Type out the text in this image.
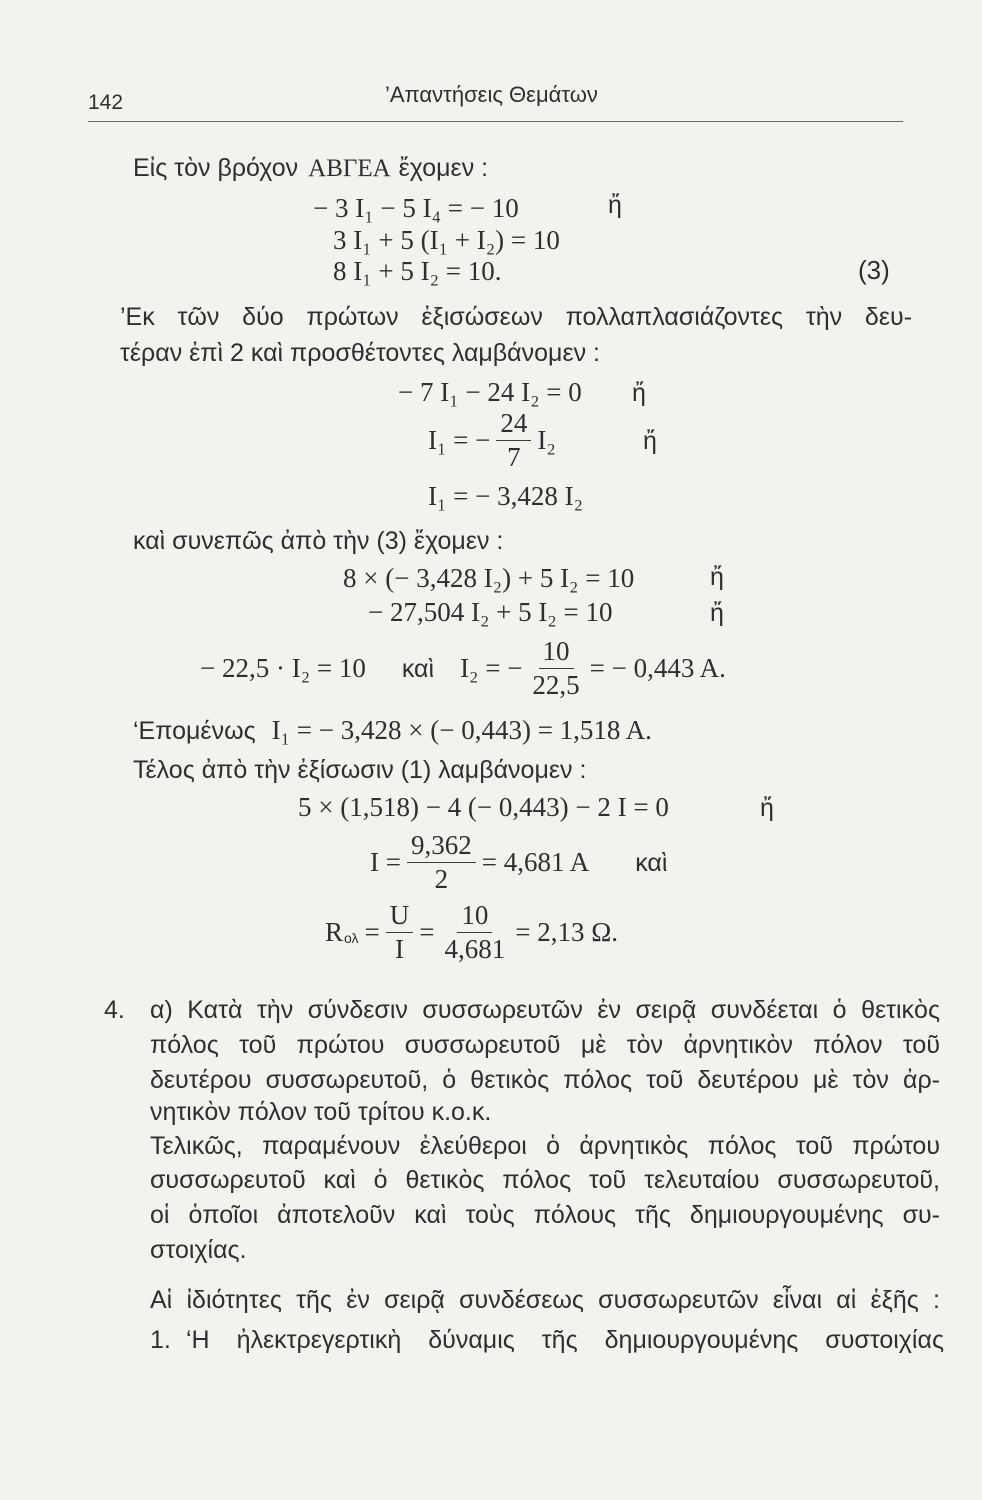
142	’Απαντήσεις Θεμάτων
Εἰς τὸν βρόχον ΑΒΓΕΑ ἔχομεν :
− 3 I₁ − 5 I₄ = − 10	ἤ
3 I₁ + 5 (I₁ + I₂) = 10
8 I₁ + 5 I₂ = 10.	(3)
’Εκ τῶν δύο πρώτων ἐξισώσεων πολλαπλασιάζοντες τὴν δευ-
τέραν ἐπὶ 2 καὶ προσθέτοντες λαμβάνομεν :
− 7 I₁ − 24 I₂ = 0 ἤ
I₁ = − $\frac{24}{7} I_2$	ἤ
I₁ = − 3,428 I₂
καὶ συνεπῶς ἀπὸ τὴν (3) ἔχομεν :
8 × (− 3,428 I₂) + 5 I₂ = 10	ἤ
− 27,504 I₂ + 5 I₂ = 10	ἤ
− 22,5 · I₂ = 10 καὶ I₂ = − $\frac{10}{22,5}$ = − 0,443 A.
‘Επομένως I₁ = − 3,428 × (− 0,443) = 1,518 A.
Τέλος ἀπὸ τὴν ἐξίσωσιν (1) λαμβάνομεν :
5 × (1,518) − 4 (− 0,443) − 2 I = 0	ἤ
$I = \frac{9,362}{2} = 4,681$ A καὶ
R $o\lambda = \frac{U}{I} = \frac{10}{4,681} = 2,13$ Ω.
4. α) Κατὰ τὴν σύνδεσιν συσσωρευτῶν ἐν σειρᾷ συνδέεται ὁ θετικὸς
πόλος τοῦ πρώτου συσσωρευτοῦ μὲ τὸν ἀρνητικὸν πόλον τοῦ
δευτέρου συσσωρευτοῦ, ὁ θετικὸς πόλος τοῦ δευτέρου μὲ τὸν ἀρ-
νητικὸν πόλον τοῦ τρίτου κ.ο.κ.
Τελικῶς, παραμένουν ἐλεύθεροι ὁ ἀρνητικὸς πόλος τοῦ πρώτου
συσσωρευτοῦ καὶ ὁ θετικὸς πόλος τοῦ τελευταίου συσσωρευτοῦ,
οἱ ὁποῖοι ἀποτελοῦν καὶ τοὺς πόλους τῆς δημιουργουμένης συ-
στοιχίας.
Αἱ ἰδιότητες τῆς ἐν σειρᾷ συνδέσεως συσσωρευτῶν εἶναι αἱ ἑξῆς :
1. ‘Η ἠλεκτρεγερτικὴ δύναμις τῆς δημιουργουμένης συστοιχίας
